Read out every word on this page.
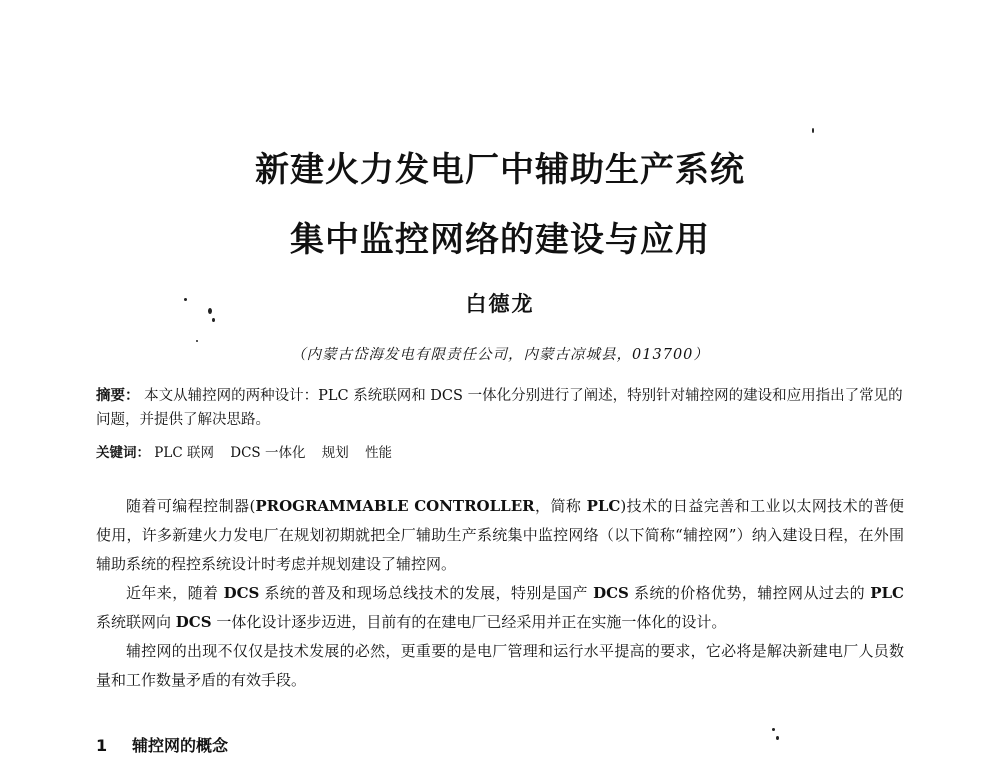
新建火力发电厂中辅助生产系统
集中监控网络的建设与应用
白德龙
（内蒙古岱海发电有限责任公司，内蒙古凉城县，013700）
摘要： 本文从辅控网的两种设计：PLC 系统联网和 DCS 一体化分别进行了阐述，特别针对辅控网的建设和应用指出了常见的问题，并提供了解决思路。
关键词： PLC 联网 DCS 一体化 规划 性能

随着可编程控制器(PROGRAMMABLE CONTROLLER，简称 PLC)技术的日益完善和工业以太网技术的普便使用，许多新建火力发电厂在规划初期就把全厂辅助生产系统集中监控网络（以下简称“辅控网”）纳入建设日程，在外围辅助系统的程控系统设计时考虑并规划建设了辅控网。

近年来，随着 DCS 系统的普及和现场总线技术的发展，特别是国产 DCS 系统的价格优势，辅控网从过去的 PLC 系统联网向 DCS 一体化设计逐步迈进，目前有的在建电厂已经采用并正在实施一体化的设计。

辅控网的出现不仅仅是技术发展的必然，更重要的是电厂管理和运行水平提高的要求，它必将是解决新建电厂人员数量和工作数量矛盾的有效手段。

1 辅控网的概念
